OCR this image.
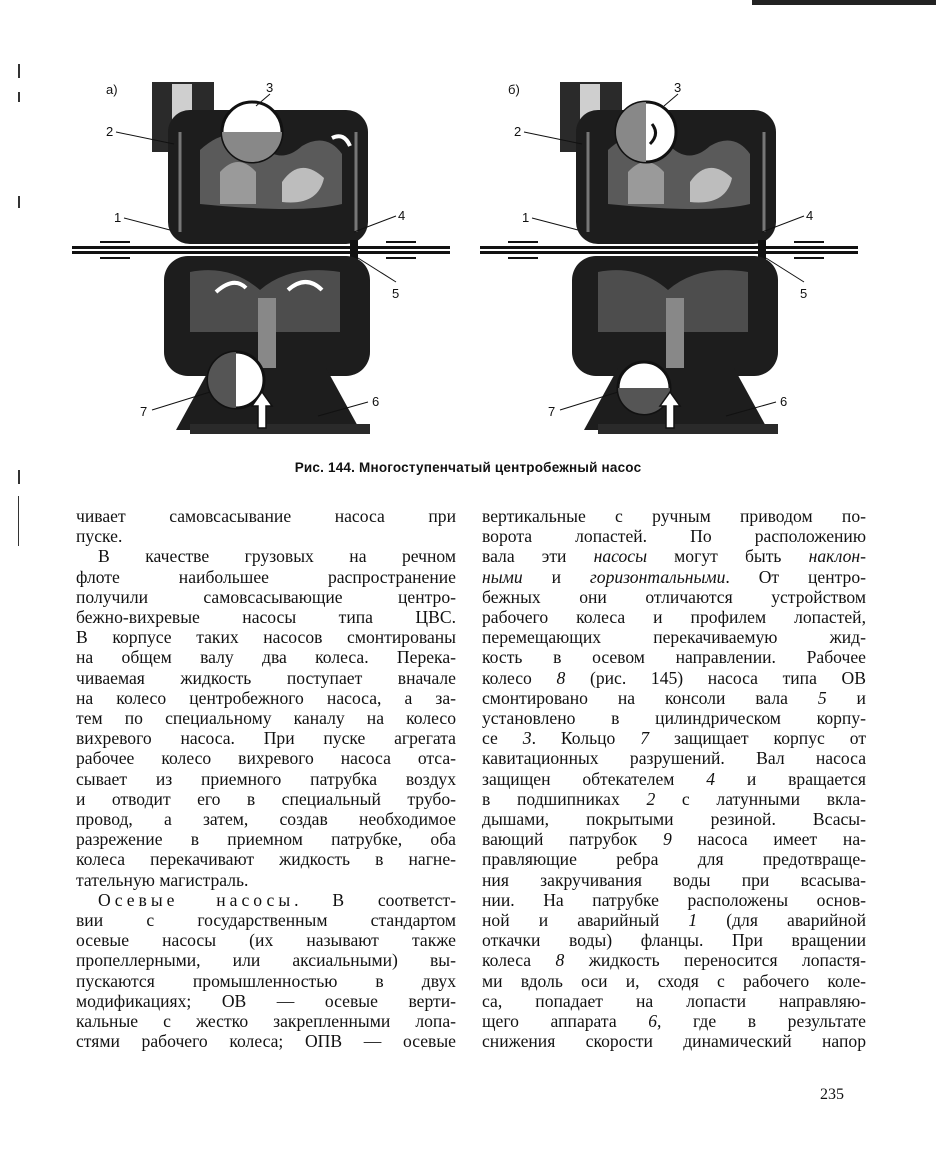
а)	б)
1
2
3
4
5
6
7
1
2
3
4
5
6
7
Рис. 144. Многоступенчатый центробежный насос
чивает самовсасывание насоса при
пуске.
В качестве грузовых на речном
флоте наибольшее распространение
получили самовсасывающие центро-
бежно-вихревые насосы типа ЦВС.
В корпусе таких насосов смонтированы
на общем валу два колеса. Перека-
чиваемая жидкость поступает вначале
на колесо центробежного насоса, а за-
тем по специальному каналу на колесо
вихревого насоса. При пуске агрегата
рабочее колесо вихревого насоса отса-
сывает из приемного патрубка воздух
и отводит его в специальный трубо-
провод, а затем, создав необходимое
разрежение в приемном патрубке, оба
колеса перекачивают жидкость в нагне-
тательную магистраль.
Осевые насосы. В соответст-
вии с государственным стандартом
осевые насосы (их называют также
пропеллерными, или аксиальными) вы-
пускаются промышленностью в двух
модификациях; ОВ — осевые верти-
кальные с жестко закрепленными лопа-
стями рабочего колеса; ОПВ — осевые
вертикальные с ручным приводом по-
ворота лопастей. По расположению
вала эти насосы могут быть наклон-
ными и горизонтальными. От центро-
бежных они отличаются устройством
рабочего колеса и профилем лопастей,
перемещающих перекачиваемую жид-
кость в осевом направлении. Рабочее
колесо 8 (рис. 145) насоса типа ОВ
смонтировано на консоли вала 5 и
установлено в цилиндрическом корпу-
се 3. Кольцо 7 защищает корпус от
кавитационных разрушений. Вал насоса
защищен обтекателем 4 и вращается
в подшипниках 2 с латунными вкла-
дышами, покрытыми резиной. Всасы-
вающий патрубок 9 насоса имеет на-
правляющие ребра для предотвраще-
ния закручивания воды при всасыва-
нии. На патрубке расположены основ-
ной и аварийный 1 (для аварийной
откачки воды) фланцы. При вращении
колеса 8 жидкость переносится лопастя-
ми вдоль оси и, сходя с рабочего коле-
са, попадает на лопасти направляю-
щего аппарата 6, где в результате
снижения скорости динамический напор
235
